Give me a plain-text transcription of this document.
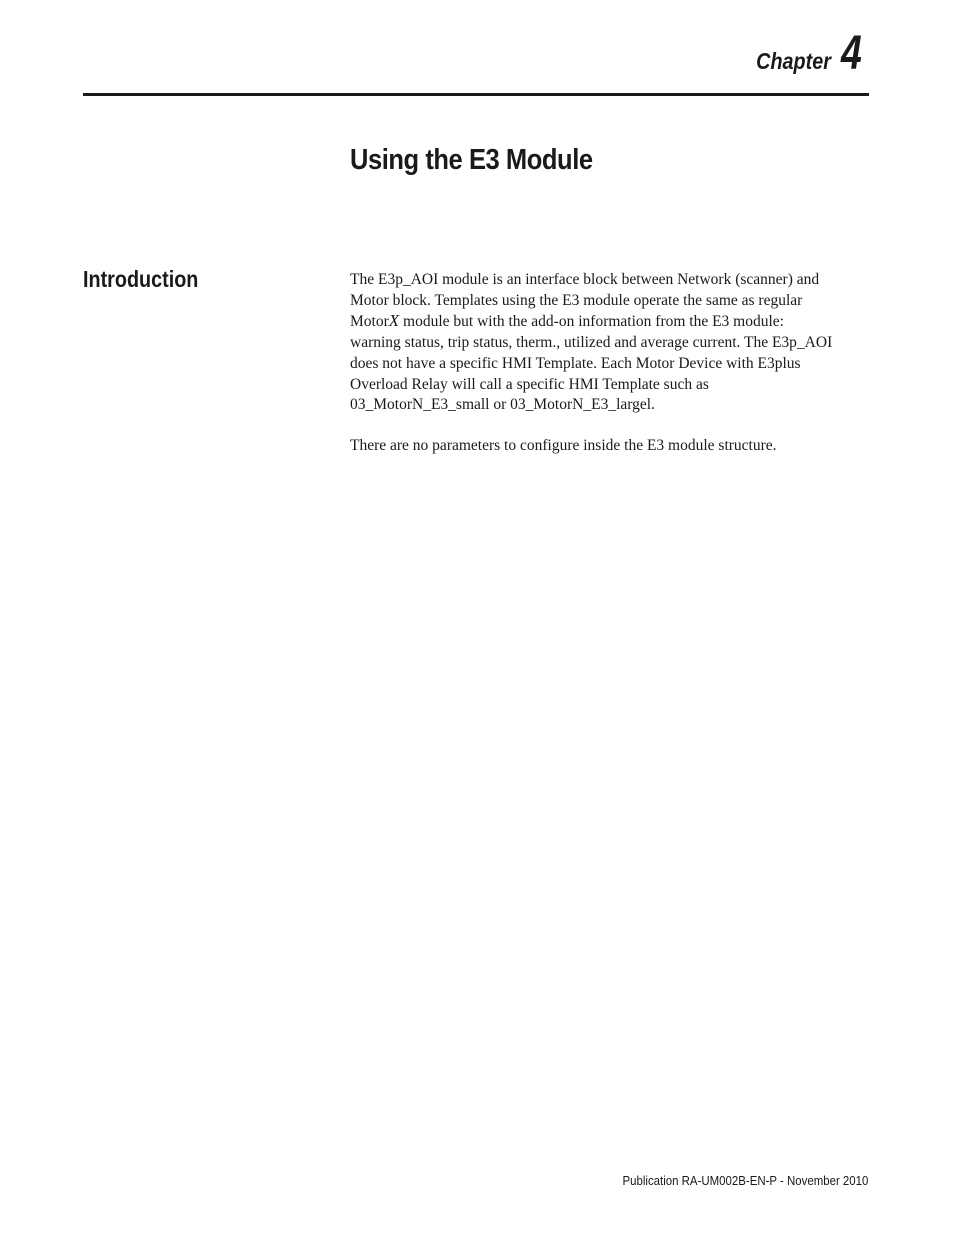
Chapter 4
Using the E3 Module
Introduction	The E3p_AOI module is an interface block between Network (scanner) and
Motor block. Templates using the E3 module operate the same as regular
MotorX module but with the add-on information from the E3 module:
warning status, trip status, therm., utilized and average current. The E3p_AOI
does not have a specific HMI Template. Each Motor Device with E3plus
Overload Relay will call a specific HMI Template such as
03_MotorN_E3_small or 03_MotorN_E3_largel.

There are no parameters to configure inside the E3 module structure.

Publication RA-UM002B-EN-P - November 2010
